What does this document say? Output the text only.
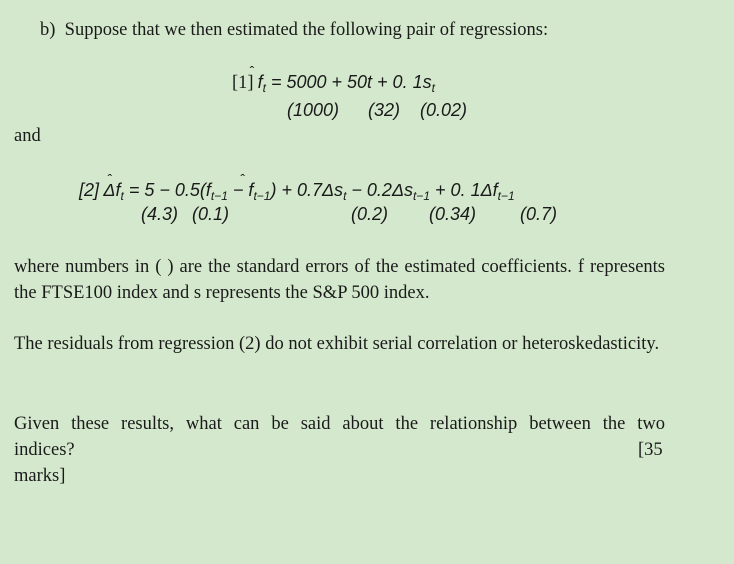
b) Suppose that we then estimated the following pair of regressions:
[1] ˆ $f_t = 5000 + 50t + 0$. $1s_t$
(1000) (32) (0.02)
and
[2] Δˆ $f_t = 5 - 0.5(f_{t-1}$ − ˆ $f_{t-1}) + 0.7\Delta s_t - 0.2\Delta s_{t-1} + 0$. $1\Delta f_{t-1}$
(4.3) (0.1)	(0.2) (0.34) (0.7)
where numbers in ( ) are the standard errors of the estimated coefficients. f represents the FTSE100 index and s represents the S&P 500 index.
The residuals from regression (2) do not exhibit serial correlation or heteroskedasticity.
Given these results, what can be said about the relationship between the two
indices?	[35
marks]
